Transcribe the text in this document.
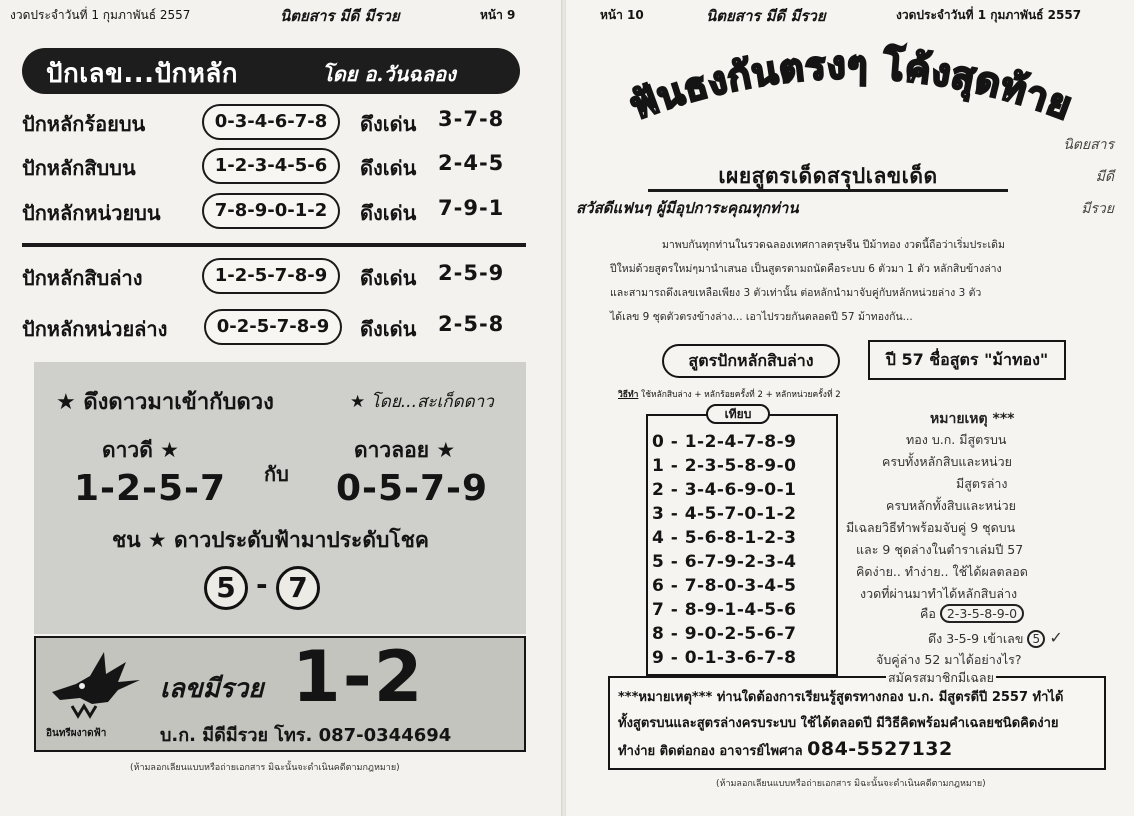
งวดประจำวันที่ 1 กุมภาพันธ์ 2557	นิตยสาร มีดี มีรวย	หน้า 9
ปักเลข...ปักหลัก	โดย อ.วันฉลอง
ปักหลักร้อยบน	0-3-4-6-7-8	ดึงเด่น 3-7-8
ปักหลักสิบบน	1-2-3-4-5-6	ดึงเด่น 2-4-5
ปักหลักหน่วยบน	7-8-9-0-1-2	ดึงเด่น 7-9-1
ปักหลักสิบล่าง	1-2-5-7-8-9	ดึงเด่น 2-5-9
ปักหลักหน่วยล่าง	0-2-5-7-8-9	ดึงเด่น 2-5-8
★ ดึงดาวมาเข้ากับดวง	★ โดย...สะเก็ดดาว
ดาวดี ★	ดาวลอย ★
กับ
1-2-5-7	0-5-7-9
ชน ★ ดาวประดับฟ้ามาประดับโชค
5 - 7
อินทรีผงาดฟ้า
เลขมีรวย 1-2
บ.ก. มีดีมีรวย โทร. 087-0344694
(ห้ามลอกเลียนแบบหรือถ่ายเอกสาร มิฉะนั้นจะดำเนินคดีตามกฎหมาย)
หน้า 10	นิตยสาร มีดี มีรวย	งวดประจำวันที่ 1 กุมภาพันธ์ 2557
ฟันธงกันตรงๆ โค้งสุดท้าย
นิตยสาร
มีดี
มีรวย
เผยสูตรเด็ดสรุปเลขเด็ด
สวัสดีแฟนๆ ผู้มีอุปการะคุณทุกท่าน
มาพบกันทุกท่านในรวดฉลองเทศกาลตรุษจีน ปีม้าทอง งวดนี้ถือว่าเริ่มประเดิม
ปีใหม่ด้วยสูตรใหม่ๆมานำเสนอ เป็นสูตรตามถนัดคือระบบ 6 ตัวมา 1 ตัว หลักสิบข้างล่าง
และสามารถดึงเลขเหลือเพียง 3 ตัวเท่านั้น ต่อหลักนำมาจับคู่กับหลักหน่วยล่าง 3 ตัว
ได้เลข 9 ชุดตัวตรงข้างล่าง... เอาไปรวยกันตลอดปี 57 ม้าทองกัน...
สูตรปักหลักสิบล่าง	ปี 57 ชื่อสูตร "ม้าทอง"
วิธีทำ ใช้หลักสิบล่าง + หลักร้อยครั้งที่ 2 + หลักหน่วยครั้งที่ 2
0 - 1-2-4-7-8-9
1 - 2-3-5-8-9-0
2 - 3-4-6-9-0-1
3 - 4-5-7-0-1-2
4 - 5-6-8-1-2-3
5 - 6-7-9-2-3-4
6 - 7-8-0-3-4-5
7 - 8-9-1-4-5-6
8 - 9-0-2-5-6-7
9 - 0-1-3-6-7-8
เทียบ	หมายเหตุ ***
ทอง บ.ก. มีสูตรบน
ครบทั้งหลักสิบและหน่วย
มีสูตรล่าง
ครบหลักทั้งสิบและหน่วย
มีเฉลยวิธีทำพร้อมจับคู่ 9 ชุดบน
และ 9 ชุดล่างในตำราเล่มปี 57
คิดง่าย.. ทำง่าย.. ใช้ได้ผลตลอด
งวดที่ผ่านมาทำได้หลักสิบล่าง
คือ 2-3-5-8-9-0
ดึง 3-5-9 เข้าเลข 5 ✓
จับคู่ล่าง 52 มาได้อย่างไร?
***หมายเหตุ*** ท่านใดต้องการเรียนรู้สูตรทางกอง บ.ก. มีสูตรดีปี 2557 ทำได้
ทั้งสูตรบนและสูตรล่างครบระบบ ใช้ได้ตลอดปี มีวิธีคิดพร้อมคำเฉลยชนิดคิดง่าย
ทำง่าย ติดต่อกอง อาจารย์ไพศาล 084-5527132
สมัครสมาชิกมีเฉลย
(ห้ามลอกเลียนแบบหรือถ่ายเอกสาร มิฉะนั้นจะดำเนินคดีตามกฎหมาย)
